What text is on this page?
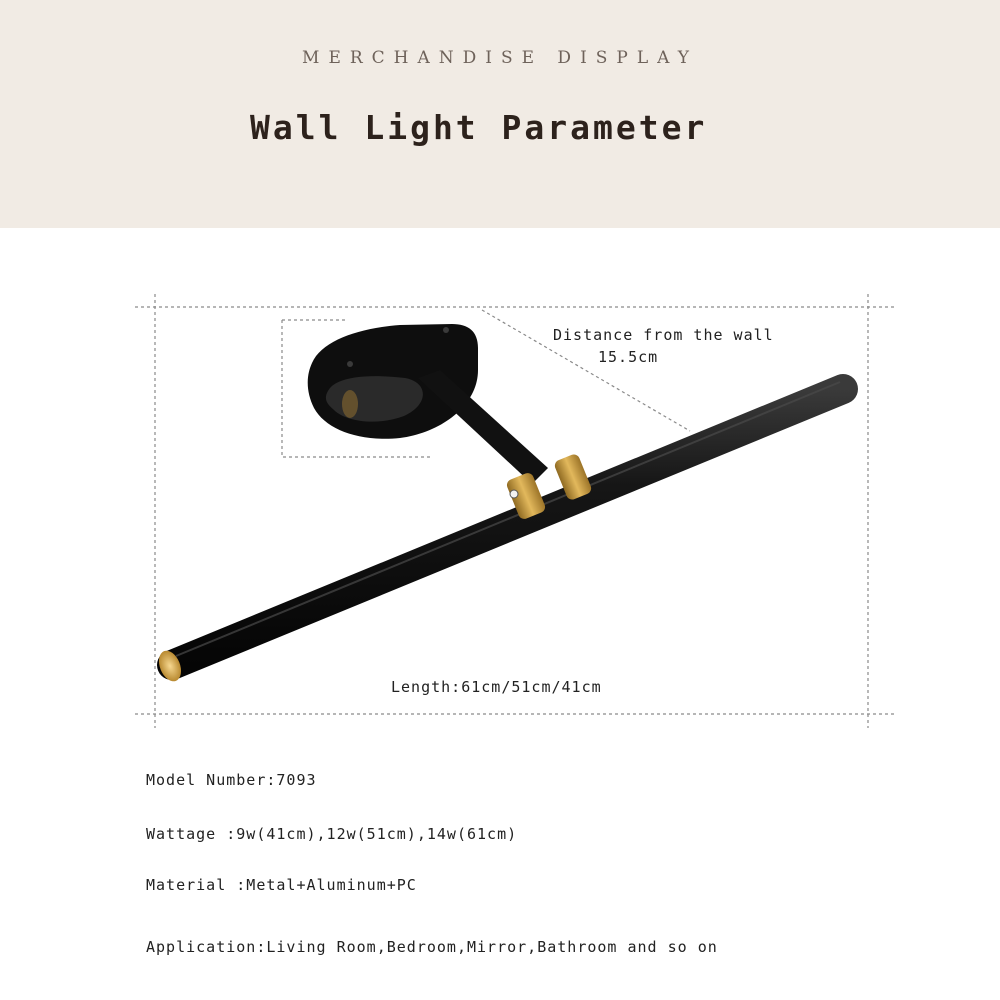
MERCHANDISE DISPLAY
Wall Light Parameter
Distance from the wall
15.5cm
Length:61cm/51cm/41cm
Model Number:7093
Wattage :9w(41cm),12w(51cm),14w(61cm)
Material :Metal+Aluminum+PC
Application:Living Room,Bedroom,Mirror,Bathroom and so on
